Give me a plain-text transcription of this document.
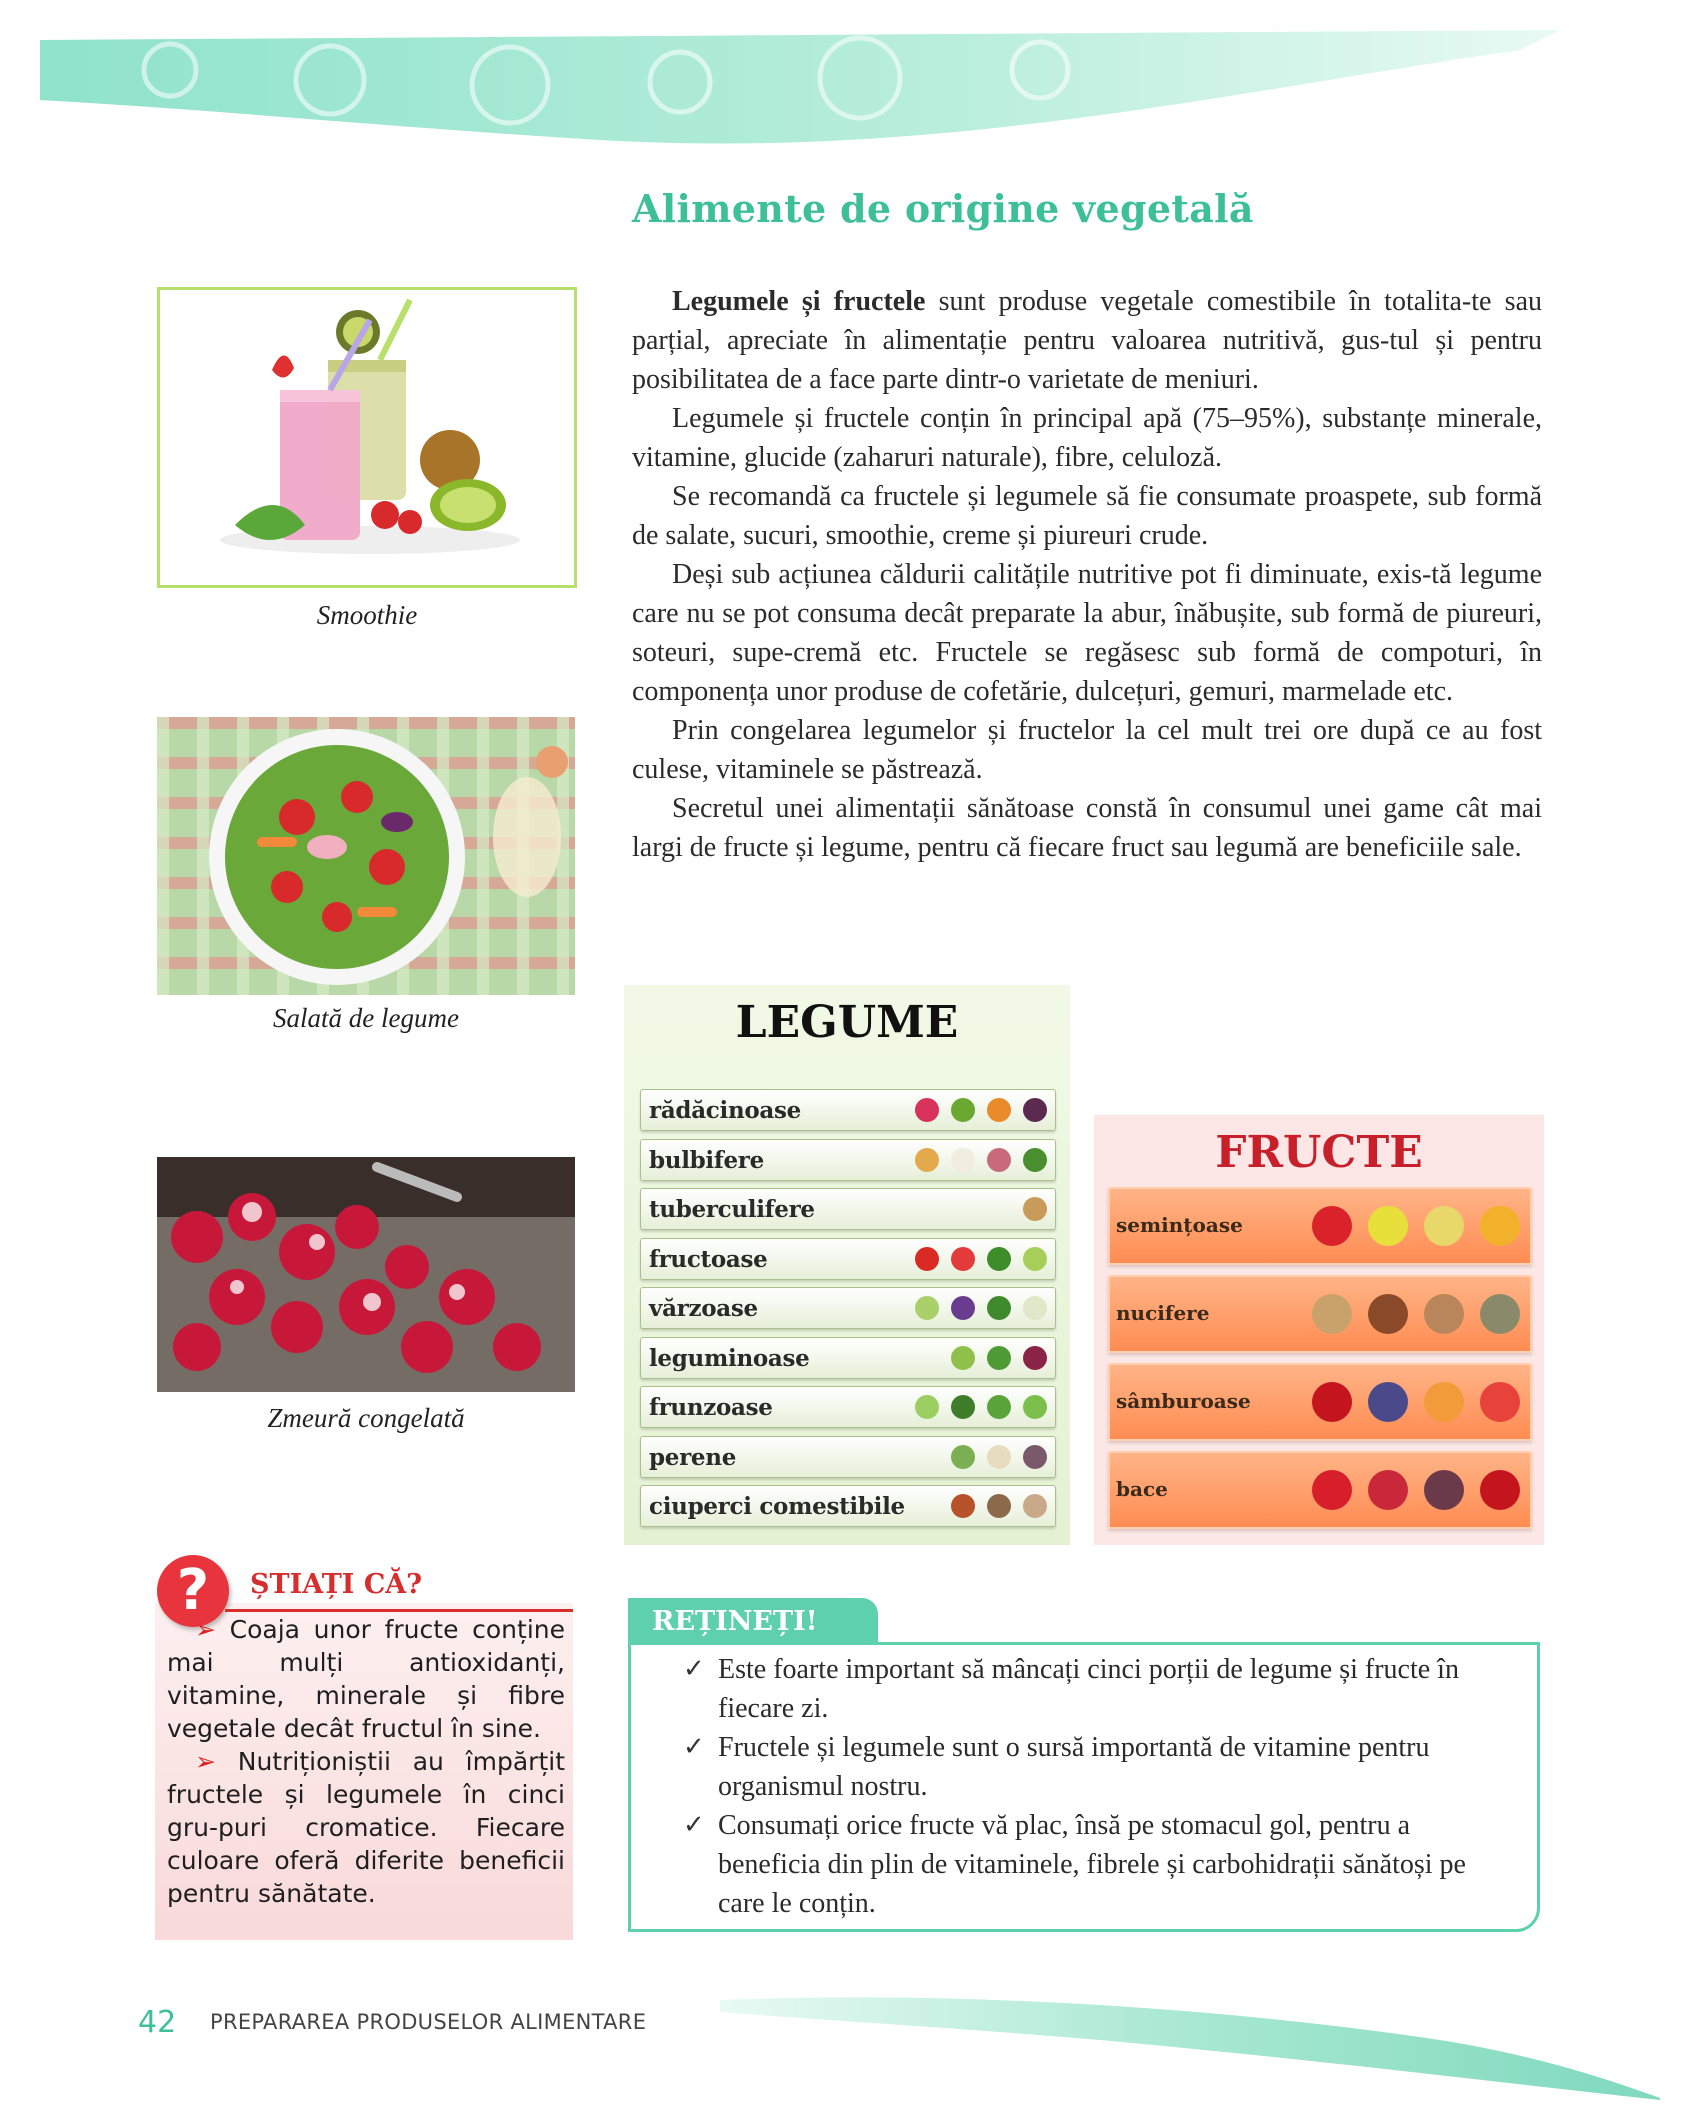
Alimente de origine vegetală

Legumele și fructele sunt produse vegetale comestibile în totalita-te sau parțial, apreciate în alimentație pentru valoarea nutritivă, gus-tul și pentru posibilitatea de a face parte dintr-o varietate de meniuri.

Legumele și fructele conțin în principal apă (75–95%), substanțe minerale, vitamine, glucide (zaharuri naturale), fibre, celuloză.

Se recomandă ca fructele și legumele să fie consumate proaspete, sub formă de salate, sucuri, smoothie, creme și piureuri crude.

Deși sub acțiunea căldurii calitățile nutritive pot fi diminuate, exis-tă legume care nu se pot consuma decât preparate la abur, înăbușite, sub formă de piureuri, soteuri, supe-cremă etc. Fructele se regăsesc sub formă de compoturi, în componența unor produse de cofetărie, dulcețuri, gemuri, marmelade etc.

Prin congelarea legumelor și fructelor la cel mult trei ore după ce au fost culese, vitaminele se păstrează.

Secretul unei alimentații sănătoase constă în consumul unei game cât mai largi de fructe și legume, pentru că fiecare fruct sau legumă are beneficiile sale.

Smoothie
Salată de legume
Zmeură congelată
LEGUME
rădăcinoase
bulbifere
tuberculifere
fructoase
vărzoase
leguminoase
frunzoase
perene
ciuperci comestibile
FRUCTE
semințoase
nucifere
sâmburoase
bace
?	ȘTIAȚI CĂ?

➢ Coaja unor fructe conține mai mulți antioxidanți, vitamine, minerale și fibre vegetale decât fructul în sine.

➢ Nutriționiștii au împărțit fructele și legumele în cinci gru-puri cromatice. Fiecare culoare oferă diferite beneficii pentru sănătate.

REȚINEȚI!
✓ Este foarte important să mâncați cinci porții de legume și fructe în fiecare zi.
✓ Fructele și legumele sunt o sursă importantă de vitamine pentru organismul nostru.
✓ Consumați orice fructe vă plac, însă pe stomacul gol, pentru a beneficia din plin de vitaminele, fibrele și carbohidrații sănătoși pe care le conțin.
42 PREPARAREA PRODUSELOR ALIMENTARE
